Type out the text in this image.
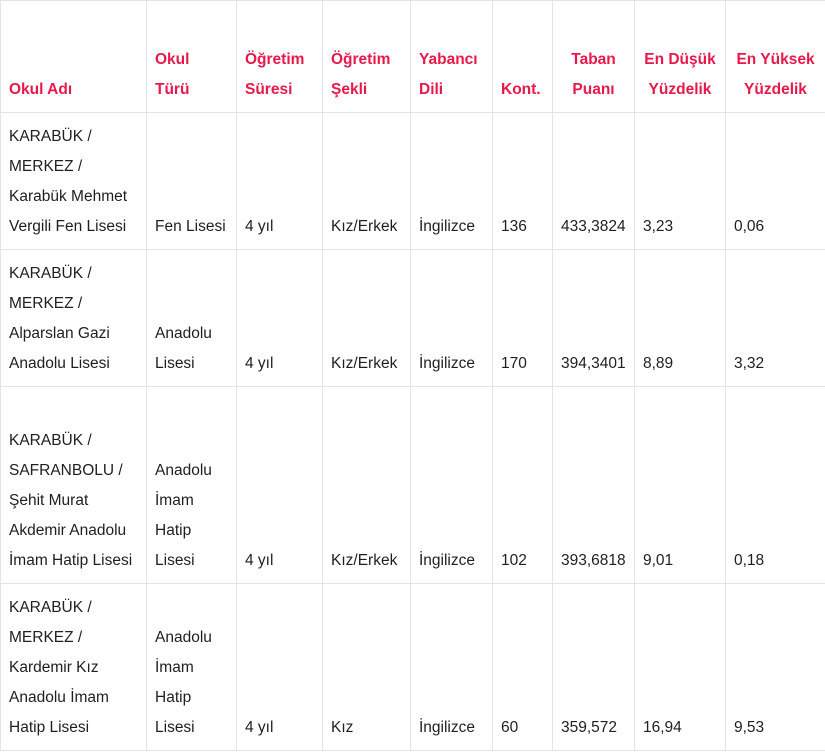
Okul Adı	Okul Türü	Öğretim Süresi	Öğretim Şekli	Yabancı Dili	Kont.	Taban Puanı	En Düşük Yüzdelik	En Yüksek Yüzdelik
KARABÜK / MERKEZ / Karabük Mehmet Vergili Fen Lisesi	Fen Lisesi	4 yıl	Kız/Erkek	İngilizce	136	433,3824	3,23	0,06
KARABÜK / MERKEZ / Alparslan Gazi Anadolu Lisesi	Anadolu Lisesi	4 yıl	Kız/Erkek	İngilizce	170	394,3401	8,89	3,32
KARABÜK / SAFRANBOLU / Şehit Murat Akdemir Anadolu İmam Hatip Lisesi	Anadolu İmam Hatip Lisesi	4 yıl	Kız/Erkek	İngilizce	102	393,6818	9,01	0,18
KARABÜK / MERKEZ / Kardemir Kız Anadolu İmam Hatip Lisesi	Anadolu İmam Hatip Lisesi	4 yıl	Kız	İngilizce	60	359,572	16,94	9,53
